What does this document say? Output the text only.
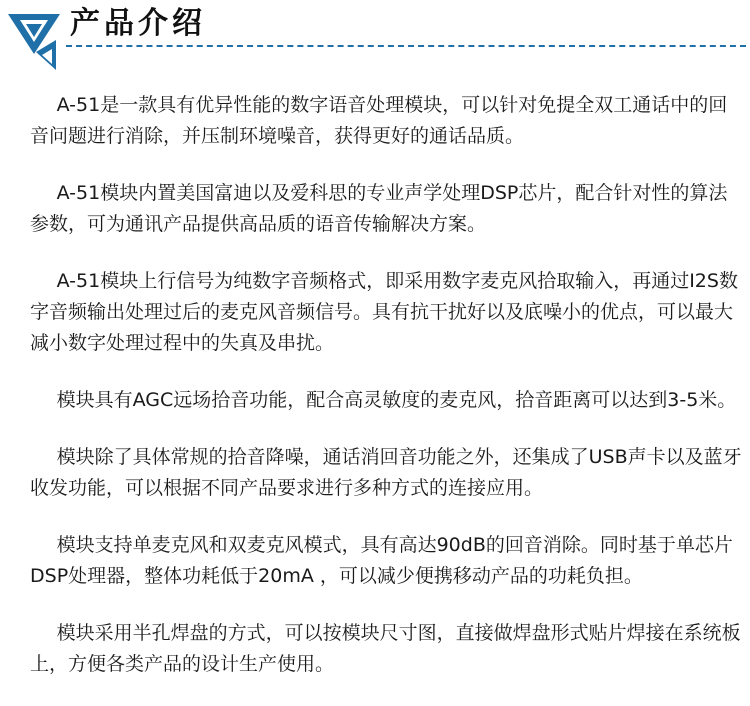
产品介绍

A-51是一款具有优异性能的数字语音处理模块，可以针对免提全双工通话中的回音问题进行消除，并压制环境噪音，获得更好的通话品质。

A-51模块内置美国富迪以及爱科思的专业声学处理DSP芯片，配合针对性的算法参数，可为通讯产品提供高品质的语音传输解决方案。

A-51模块上行信号为纯数字音频格式，即采用数字麦克风拾取输入，再通过I2S数字音频输出处理过后的麦克风音频信号。具有抗干扰好以及底噪小的优点，可以最大减小数字处理过程中的失真及串扰。

模块具有AGC远场拾音功能，配合高灵敏度的麦克风，拾音距离可以达到3-5米。

模块除了具体常规的拾音降噪，通话消回音功能之外，还集成了USB声卡以及蓝牙收发功能，可以根据不同产品要求进行多种方式的连接应用。

模块支持单麦克风和双麦克风模式，具有高达90dB的回音消除。同时基于单芯片DSP处理器，整体功耗低于20mA ，可以减少便携移动产品的功耗负担。

模块采用半孔焊盘的方式，可以按模块尺寸图，直接做焊盘形式贴片焊接在系统板上，方便各类产品的设计生产使用。
